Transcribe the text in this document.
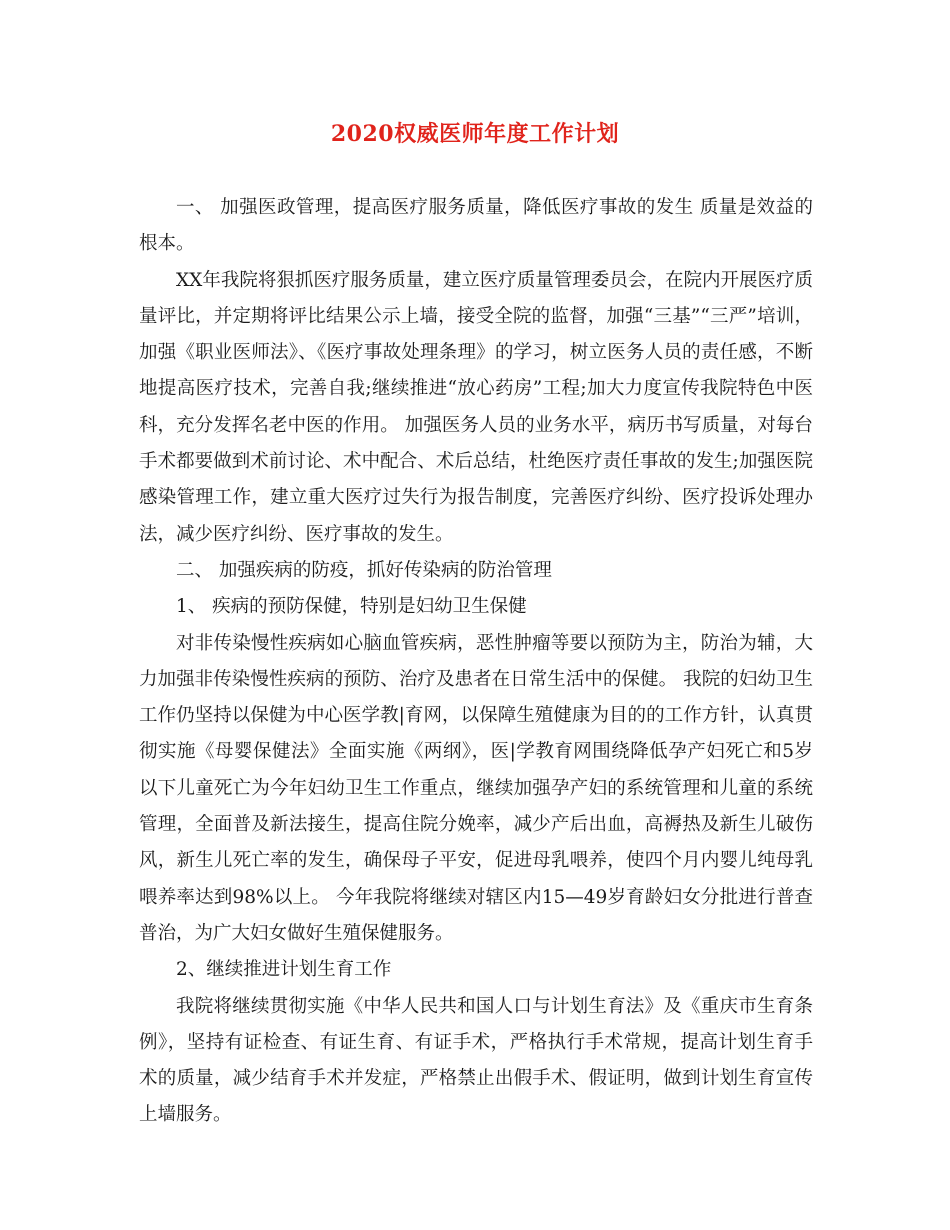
2020权威医师年度工作计划

一、 加强医政管理，提高医疗服务质量，降低医疗事故的发生 质量是效益的根本。

XX年我院将狠抓医疗服务质量，建立医疗质量管理委员会，在院内开展医疗质量评比，并定期将评比结果公示上墙，接受全院的监督，加强“三基”“三严”培训，加强《职业医师法》、《医疗事故处理条理》的学习，树立医务人员的责任感，不断地提高医疗技术，完善自我;继续推进“放心药房”工程;加大力度宣传我院特色中医科，充分发挥名老中医的作用。 加强医务人员的业务水平，病历书写质量，对每台手术都要做到术前讨论、术中配合、术后总结，杜绝医疗责任事故的发生;加强医院感染管理工作，建立重大医疗过失行为报告制度，完善医疗纠纷、医疗投诉处理办法，减少医疗纠纷、医疗事故的发生。

二、 加强疾病的防疫，抓好传染病的防治管理

1、 疾病的预防保健，特别是妇幼卫生保健

对非传染慢性疾病如心脑血管疾病，恶性肿瘤等要以预防为主，防治为辅，大力加强非传染慢性疾病的预防、治疗及患者在日常生活中的保健。 我院的妇幼卫生工作仍坚持以保健为中心医学教|育网，以保障生殖健康为目的的工作方针，认真贯彻实施《母婴保健法》全面实施《两纲》，医|学教育网围绕降低孕产妇死亡和5岁以下儿童死亡为今年妇幼卫生工作重点，继续加强孕产妇的系统管理和儿童的系统管理，全面普及新法接生，提高住院分娩率，减少产后出血，高褥热及新生儿破伤风，新生儿死亡率的发生，确保母子平安，促进母乳喂养，使四个月内婴儿纯母乳喂养率达到98%以上。 今年我院将继续对辖区内15—49岁育龄妇女分批进行普查普治，为广大妇女做好生殖保健服务。

2、继续推进计划生育工作

我院将继续贯彻实施《中华人民共和国人口与计划生育法》及《重庆市生育条例》，坚持有证检查、有证生育、有证手术，严格执行手术常规，提高计划生育手术的质量，减少结育手术并发症，严格禁止出假手术、假证明，做到计划生育宣传上墙服务。
